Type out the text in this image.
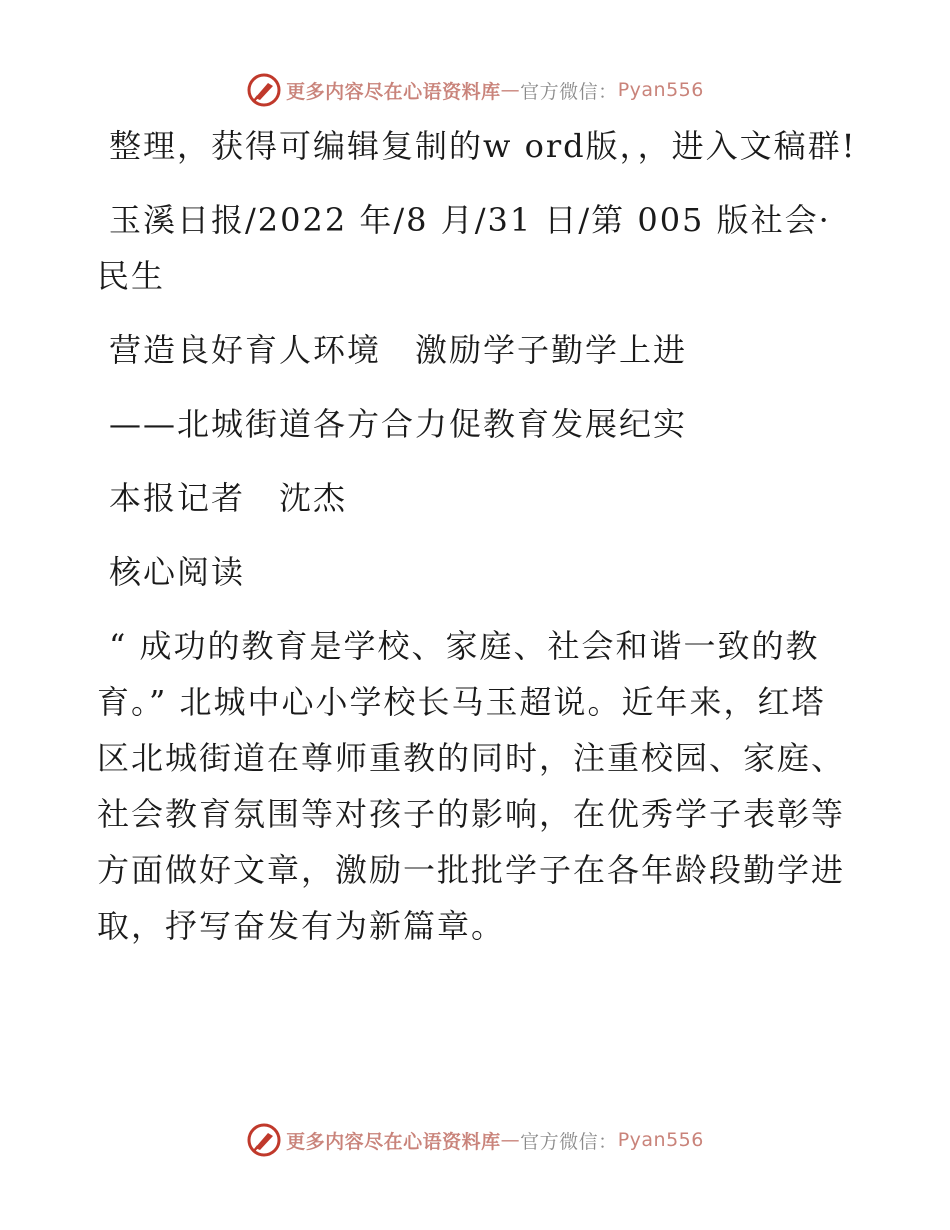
更多内容尽在心语资料库 — 官方微信： Pyan556

整理，获得可编辑复制的w ord版，，进入文稿群!

玉溪日报/2022 年/8 月/31 日/第 005 版社会·民生

营造良好育人环境　激励学子勤学上进

——北城街道各方合力促教育发展纪实

本报记者　沈杰

核心阅读

“ 成功的教育是学校、家庭、社会和谐一致的教育。” 北城中心小学校长马玉超说。近年来，红塔区北城街道在尊师重教的同时，注重校园、家庭、社会教育氛围等对孩子的影响，在优秀学子表彰等方面做好文章，激励一批批学子在各年龄段勤学进取，抒写奋发有为新篇章。

更多内容尽在心语资料库 — 官方微信： Pyan556
